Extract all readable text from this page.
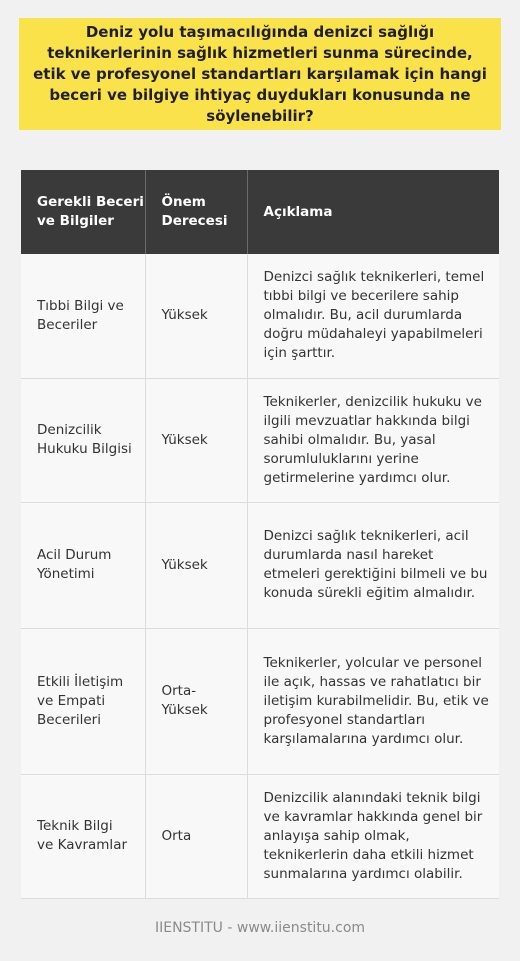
Deniz yolu taşımacılığında denizci sağlığı teknikerlerinin sağlık hizmetleri sunma sürecinde, etik ve profesyonel standartları karşılamak için hangi beceri ve bilgiye ihtiyaç duydukları konusunda ne söylenebilir?
Gerekli Beceri ve Bilgiler	Önem Derecesi	Açıklama
Tıbbi Bilgi ve Beceriler	Yüksek	Denizci sağlık teknikerleri, temel tıbbi bilgi ve becerilere sahip olmalıdır. Bu, acil durumlarda doğru müdahaleyi yapabilmeleri için şarttır.
Denizcilik Hukuku Bilgisi	Yüksek	Teknikerler, denizcilik hukuku ve ilgili mevzuatlar hakkında bilgi sahibi olmalıdır. Bu, yasal sorumluluklarını yerine getirmelerine yardımcı olur.
Acil Durum Yönetimi	Yüksek	Denizci sağlık teknikerleri, acil durumlarda nasıl hareket etmeleri gerektiğini bilmeli ve bu konuda sürekli eğitim almalıdır.
Etkili İletişim ve Empati Becerileri	Orta-Yüksek	Teknikerler, yolcular ve personel ile açık, hassas ve rahatlatıcı bir iletişim kurabilmelidir. Bu, etik ve profesyonel standartları karşılamalarına yardımcı olur.
Teknik Bilgi ve Kavramlar	Orta	Denizcilik alanındaki teknik bilgi ve kavramlar hakkında genel bir anlayışa sahip olmak, teknikerlerin daha etkili hizmet sunmalarına yardımcı olabilir.
IIENSTITU - www.iienstitu.com
